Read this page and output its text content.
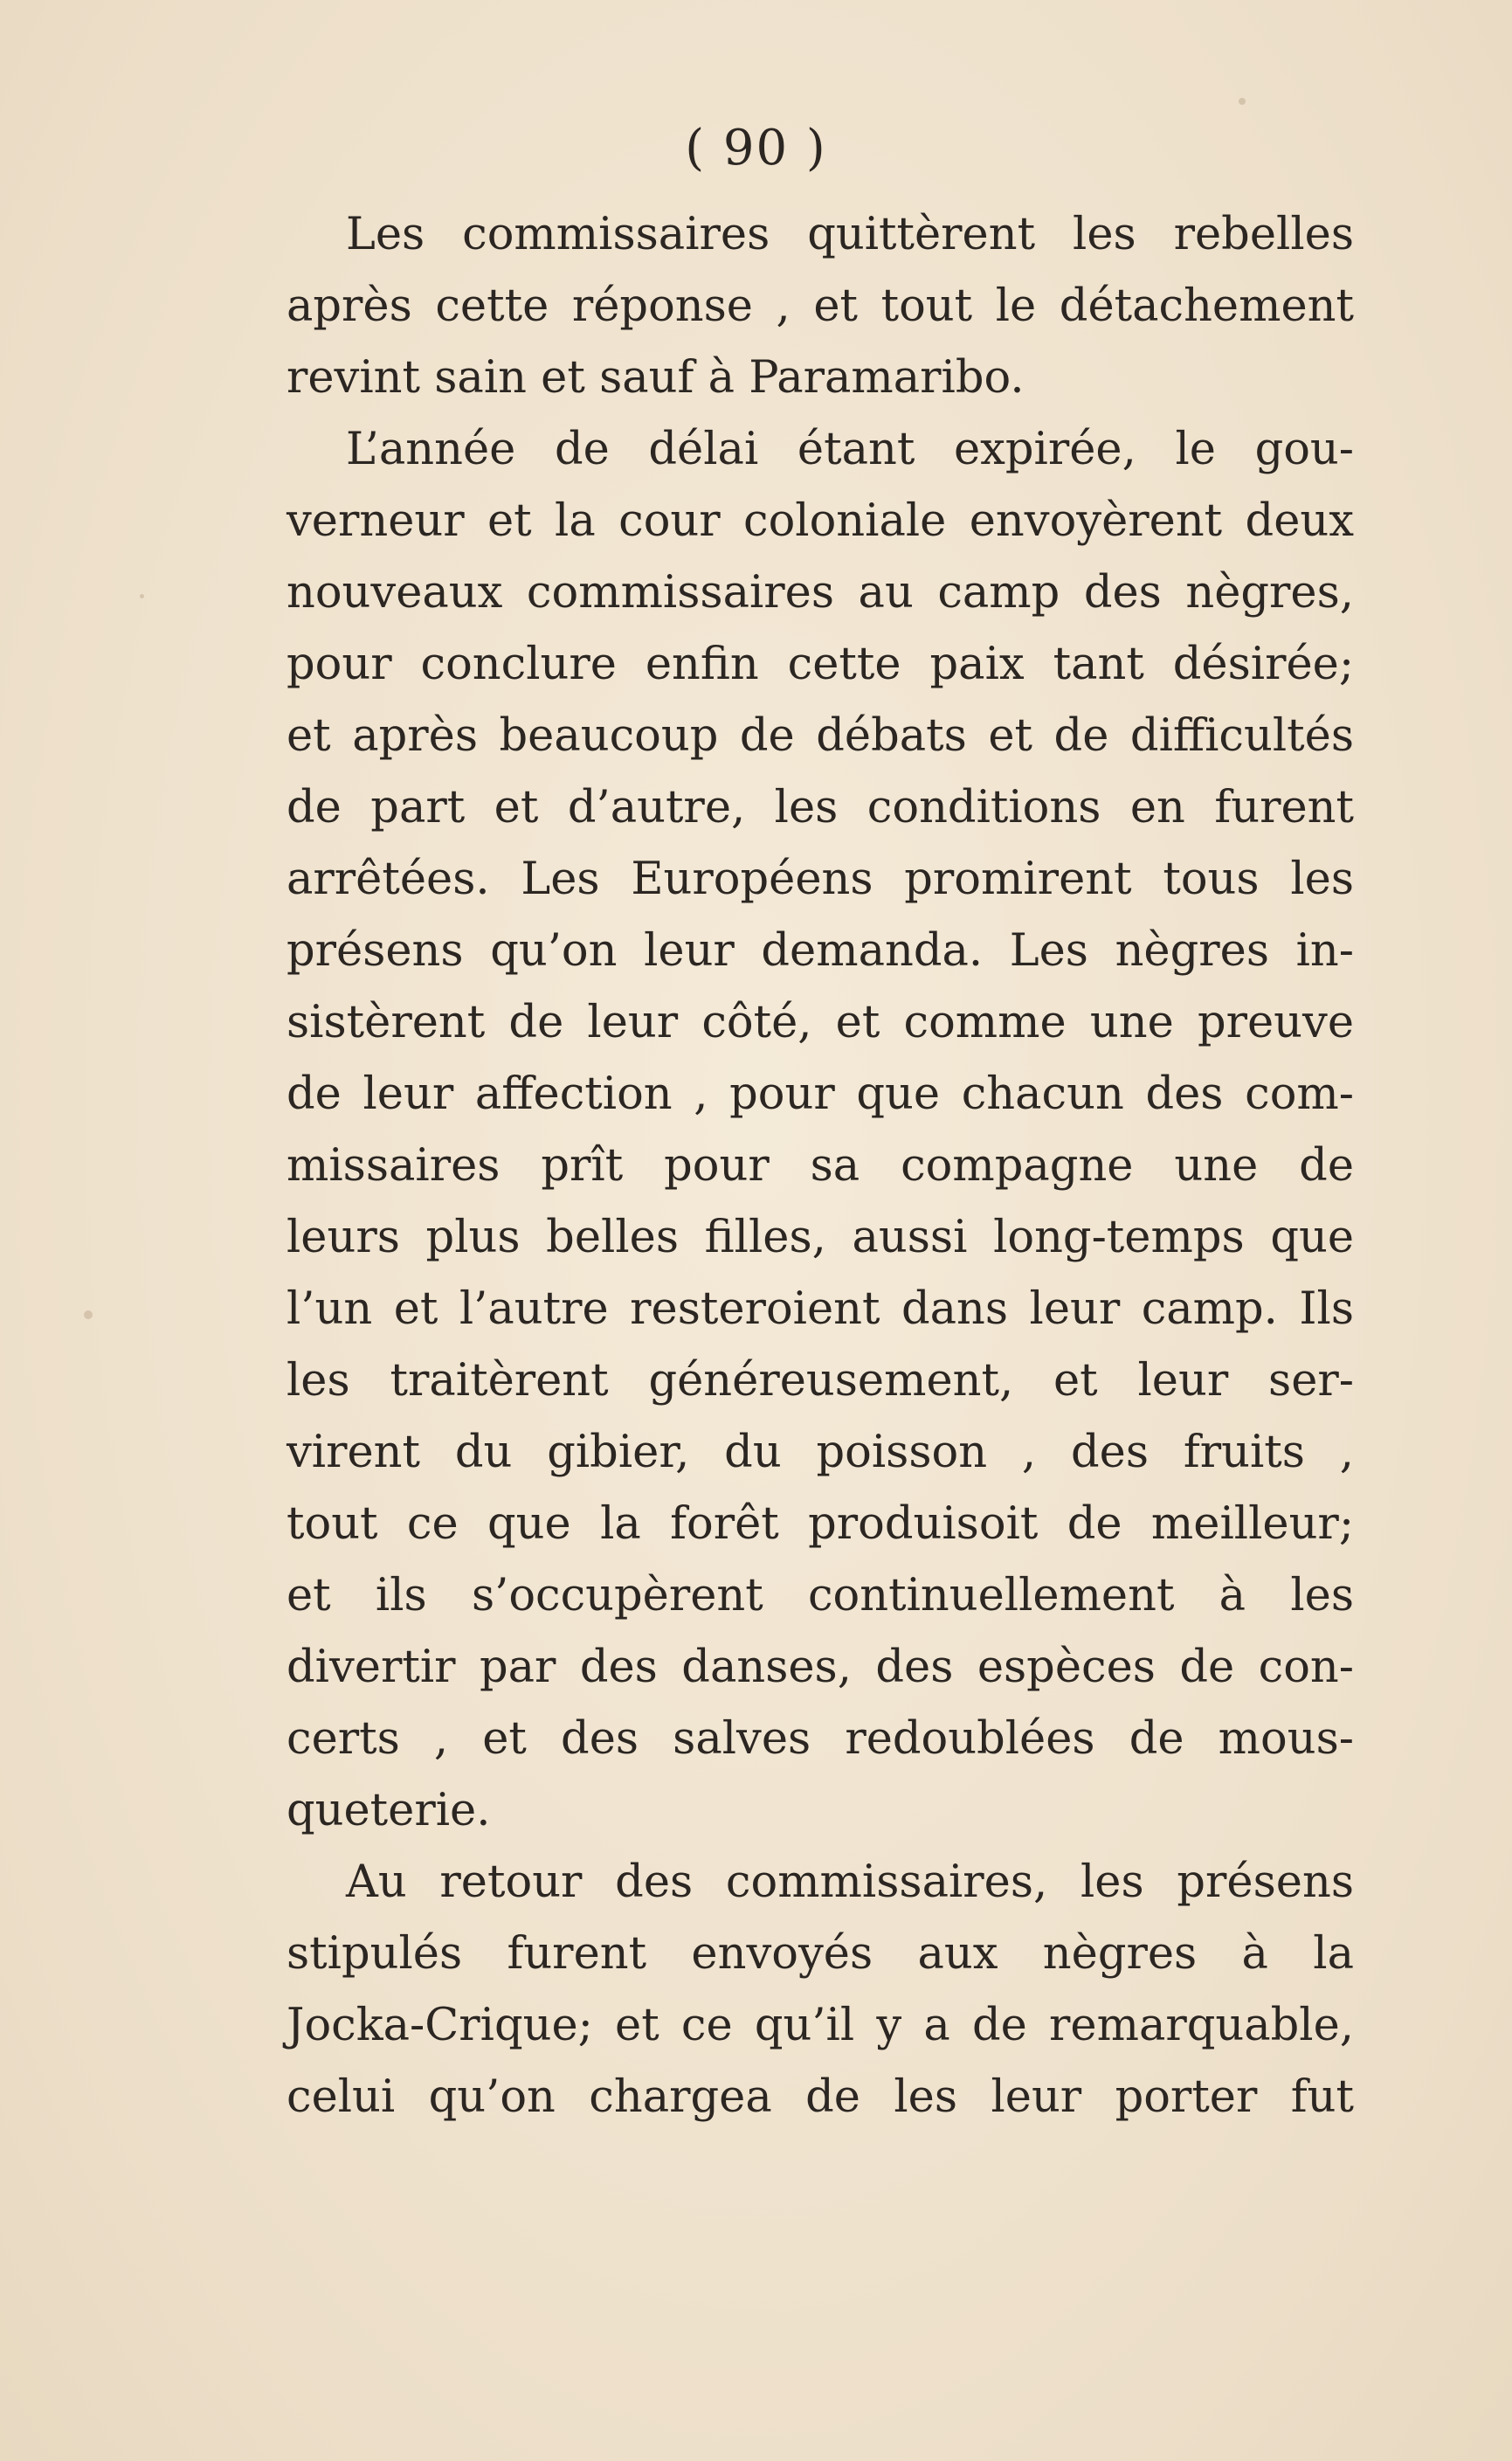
( 90 )

Les commissaires quittèrent les rebelles
après cette réponse , et tout le détachement
revint sain et sauf à Paramaribo.

L’année de délai étant expirée, le gou-
verneur et la cour coloniale envoyèrent deux
nouveaux commissaires au camp des nègres,
pour conclure enfin cette paix tant désirée;
et après beaucoup de débats et de difficultés
de part et d’autre, les conditions en furent
arrêtées. Les Européens promirent tous les
présens qu’on leur demanda. Les nègres in-
sistèrent de leur côté, et comme une preuve
de leur affection , pour que chacun des com-
missaires prît pour sa compagne une de
leurs plus belles filles, aussi long-temps que
l’un et l’autre resteroient dans leur camp. Ils
les traitèrent généreusement, et leur ser-
virent du gibier, du poisson , des fruits ,
tout ce que la forêt produisoit de meilleur;
et ils s’occupèrent continuellement à les
divertir par des danses, des espèces de con-
certs , et des salves redoublées de mous-
queterie.

Au retour des commissaires, les présens
stipulés furent envoyés aux nègres à la
Jocka-Crique; et ce qu’il y a de remarquable,
celui qu’on chargea de les leur porter fut
